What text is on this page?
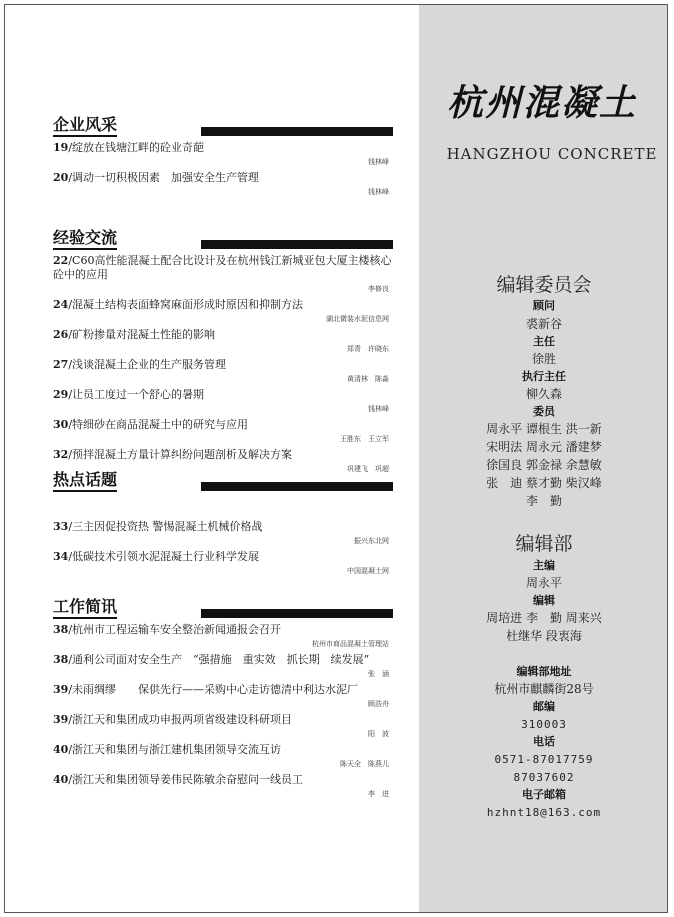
杭州混凝土
HANGZHOU CONCRETE
编辑委员会
顾问
裘新谷
主任
徐胜
执行主任
柳久森
委员
周永平 谭根生 洪一新
宋明法 周永元 潘建梦
徐国良 郭金禄 余慧敏
张　迪 蔡才勤 柴汉峰
李　勤
编辑部
主编
周永平
编辑
周培进 李　勤 周来兴
杜继华 段衷海
编辑部地址
杭州市麒麟街28号
邮编
310003
电话
0571-87017759
87037602
电子邮箱
hzhnt18@163.com
企业风采
19/绽放在钱塘江畔的砼业奇葩
钱林峰
20/调动一切积极因素　加强安全生产管理
钱林峰
经验交流
22/C60高性能混凝土配合比设计及在杭州钱江新城亚包大厦主楼核心砼中的应用
李修良
24/混凝土结构表面蜂窝麻面形成时原因和抑制方法
湖北微装水泥信息网
26/矿粉掺量对混凝土性能的影响
郑青　许晓东
27/浅谈混凝土企业的生产服务管理
黄清林　陈淼
29/让员工度过一个舒心的暑期
钱林峰
30/特细砂在商品混凝土中的研究与应用
王胜东　王立军
32/预拌混凝土方量计算纠纷问题剖析及解决方案
巩建飞　巩超
热点话题
33/三主因促投资热 警惕混凝土机械价格战
振兴东北网
34/低碳技术引领水泥混凝土行业科学发展
中国混凝土网
工作简讯
38/杭州市工程运输车安全整治新闻通报会召开
杭州市商品混凝土管理站
38/通利公司面对安全生产　“强措施　重实效　抓长期　续发展”
张　涵
39/未雨绸缪　　保供先行——采购中心走访德清中利达水泥厂
顾浩舟
39/浙江天和集团成功申报两项省级建设科研项目
阳　波
40/浙江天和集团与浙江建机集团领导交流互访
陈天全　陈燕儿
40/浙江天和集团领导姜伟民陈敏余奋慰问一线员工
李　进
